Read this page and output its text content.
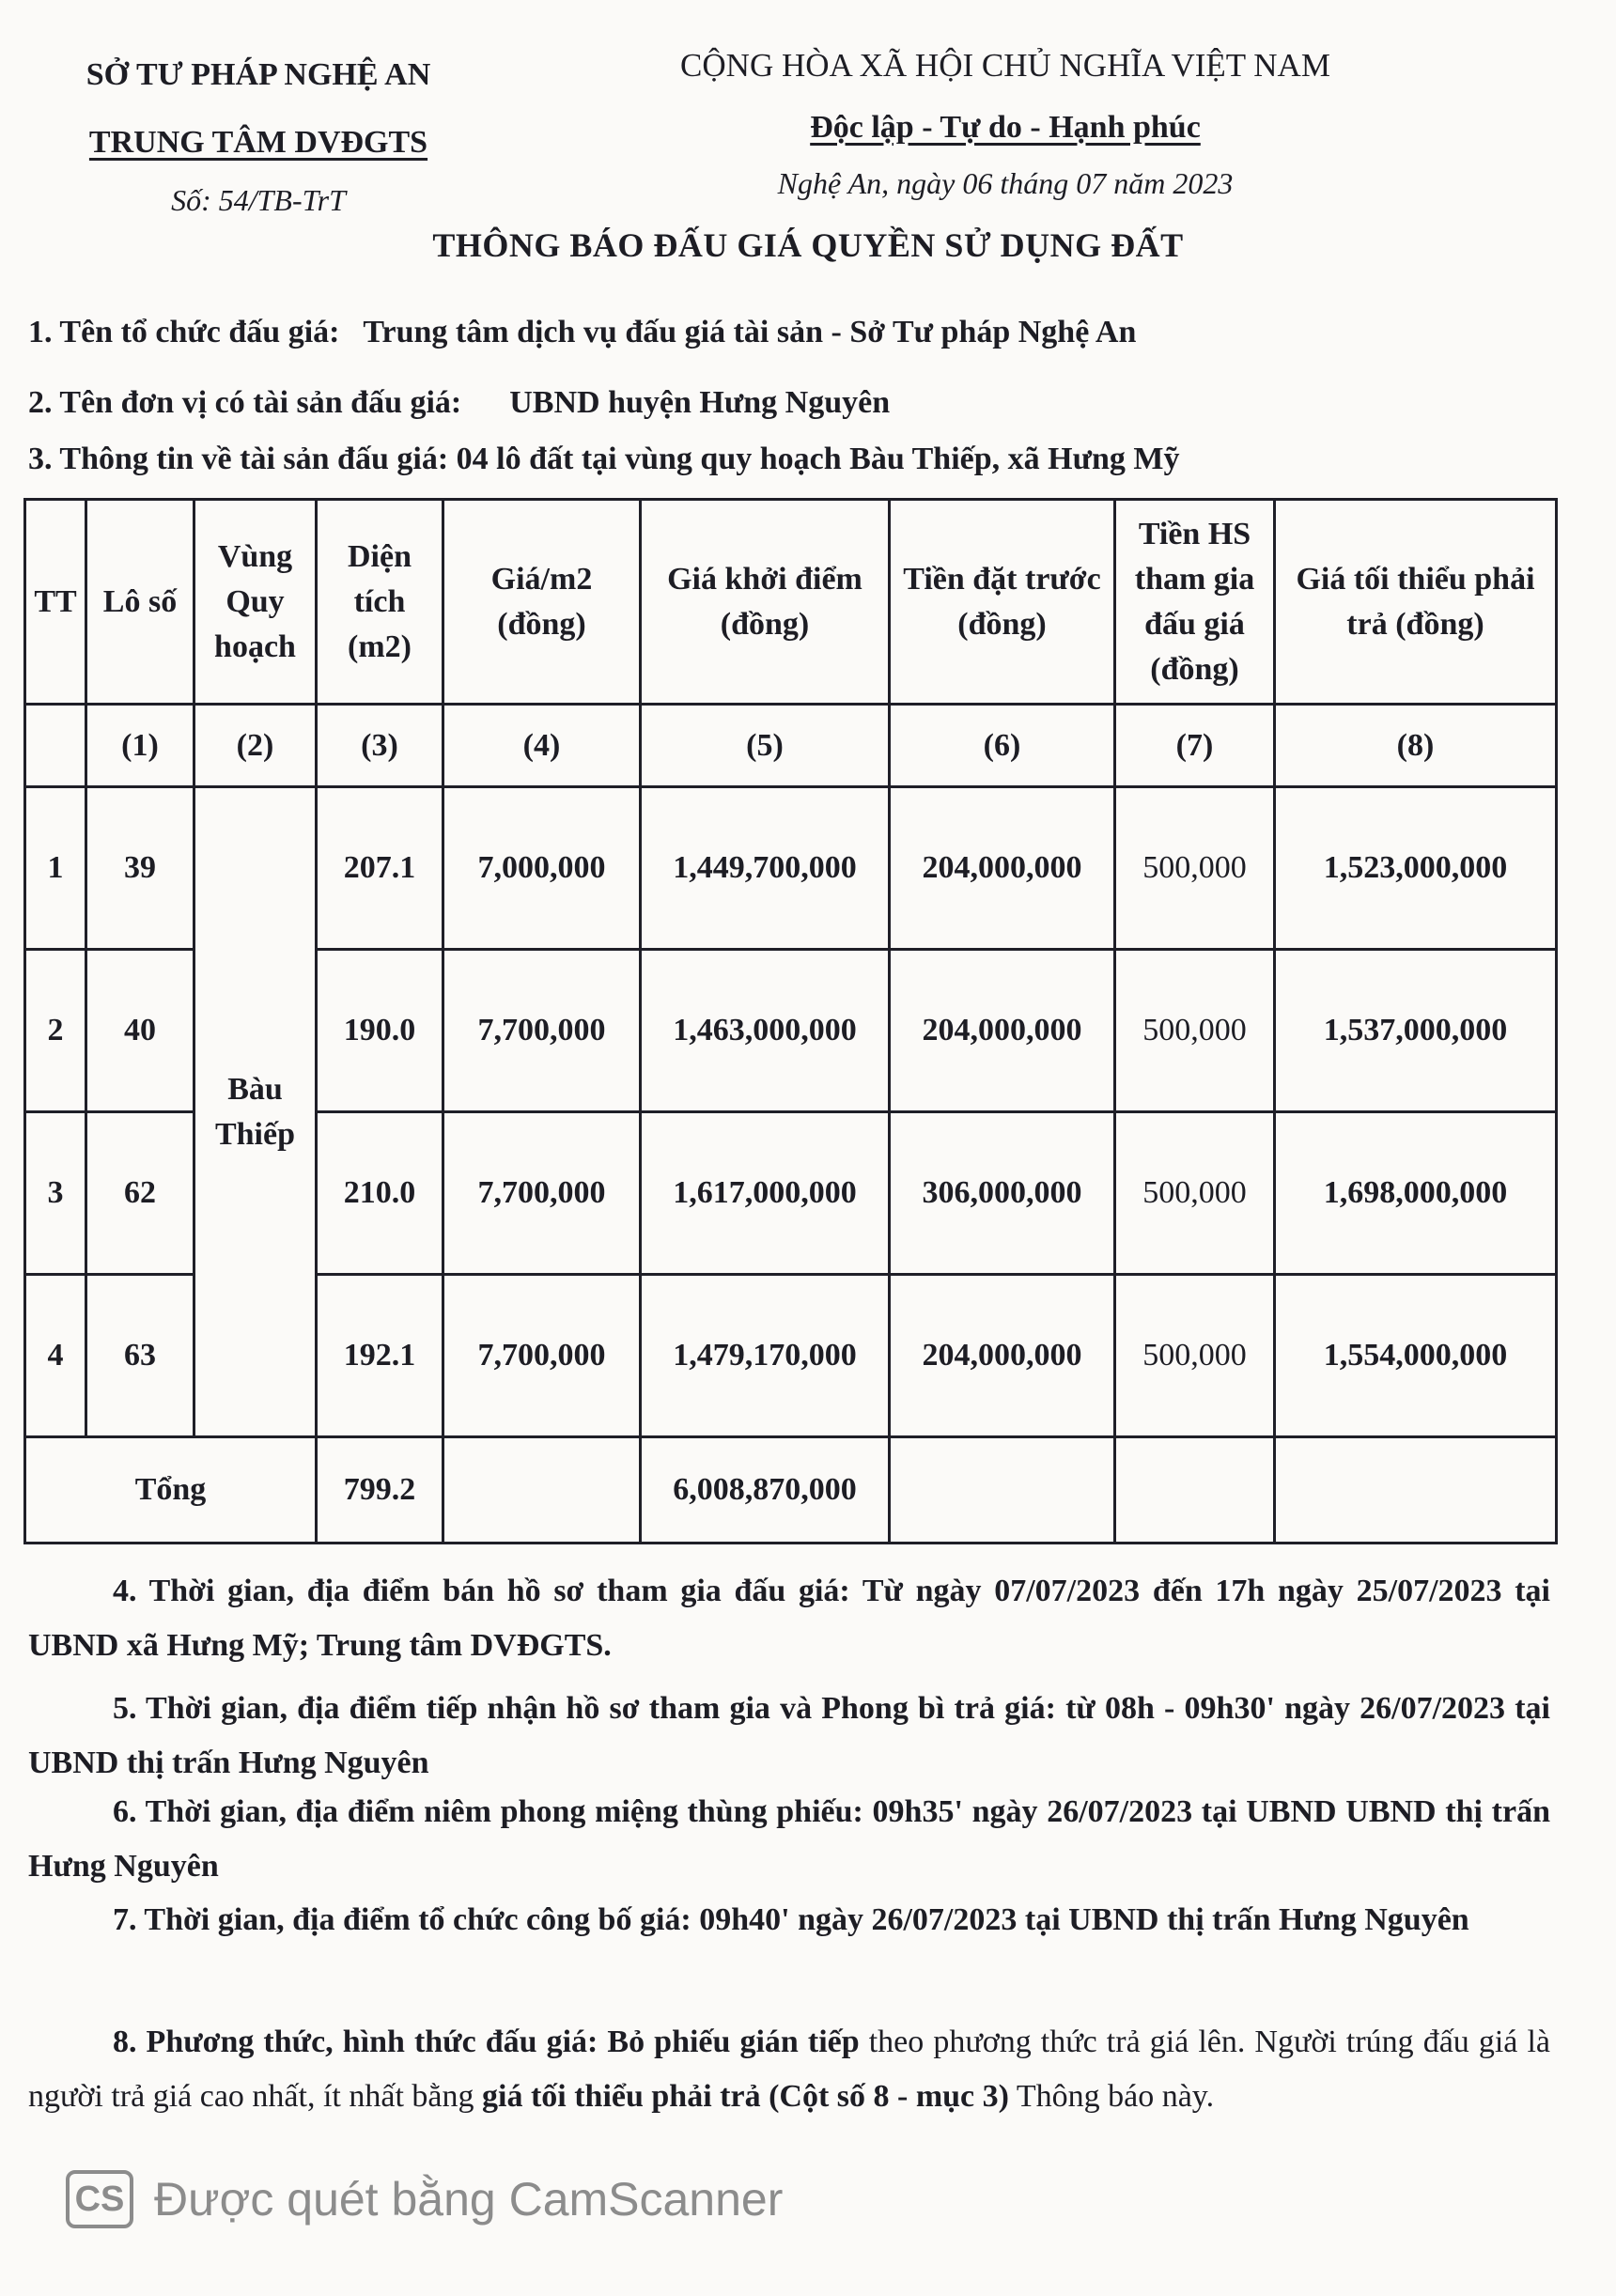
SỞ TƯ PHÁP NGHỆ AN
TRUNG TÂM DVĐGTS
Số: 54/TB-TrT
CỘNG HÒA XÃ HỘI CHỦ NGHĨA VIỆT NAM
Độc lập - Tự do - Hạnh phúc
Nghệ An, ngày 06 tháng 07 năm 2023
THÔNG BÁO ĐẤU GIÁ QUYỀN SỬ DỤNG ĐẤT
1. Tên tổ chức đấu giá: Trung tâm dịch vụ đấu giá tài sản - Sở Tư pháp Nghệ An
2. Tên đơn vị có tài sản đấu giá: UBND huyện Hưng Nguyên
3. Thông tin về tài sản đấu giá: 04 lô đất tại vùng quy hoạch Bàu Thiếp, xã Hưng Mỹ
TT	Lô số	Vùng Quy hoạch	Diện tích (m2)	Giá/m2 (đồng)	Giá khởi điểm (đồng)	Tiền đặt trước (đồng)	Tiền HS tham gia đấu giá (đồng)	Giá tối thiểu phải trả (đồng)
	(1)	(2)	(3)	(4)	(5)	(6)	(7)	(8)
1	39	Bàu Thiếp	207.1	7,000,000	1,449,700,000	204,000,000	500,000	1,523,000,000
2	40		190.0	7,700,000	1,463,000,000	204,000,000	500,000	1,537,000,000
3	62		210.0	7,700,000	1,617,000,000	306,000,000	500,000	1,698,000,000
4	63		192.1	7,700,000	1,479,170,000	204,000,000	500,000	1,554,000,000
Tổng			799.2		6,008,870,000			
4. Thời gian, địa điểm bán hồ sơ tham gia đấu giá: Từ ngày 07/07/2023 đến 17h ngày 25/07/2023 tại UBND xã Hưng Mỹ; Trung tâm DVĐGTS.
5. Thời gian, địa điểm tiếp nhận hồ sơ tham gia và Phong bì trả giá: từ 08h - 09h30' ngày 26/07/2023 tại UBND thị trấn Hưng Nguyên
6. Thời gian, địa điểm niêm phong miệng thùng phiếu: 09h35' ngày 26/07/2023 tại UBND UBND thị trấn Hưng Nguyên
7. Thời gian, địa điểm tổ chức công bố giá: 09h40' ngày 26/07/2023 tại UBND thị trấn Hưng Nguyên
8. Phương thức, hình thức đấu giá: Bỏ phiếu gián tiếp theo phương thức trả giá lên. Người trúng đấu giá là người trả giá cao nhất, ít nhất bằng giá tối thiểu phải trả (Cột số 8 - mục 3) Thông báo này.
CS Được quét bằng CamScanner
